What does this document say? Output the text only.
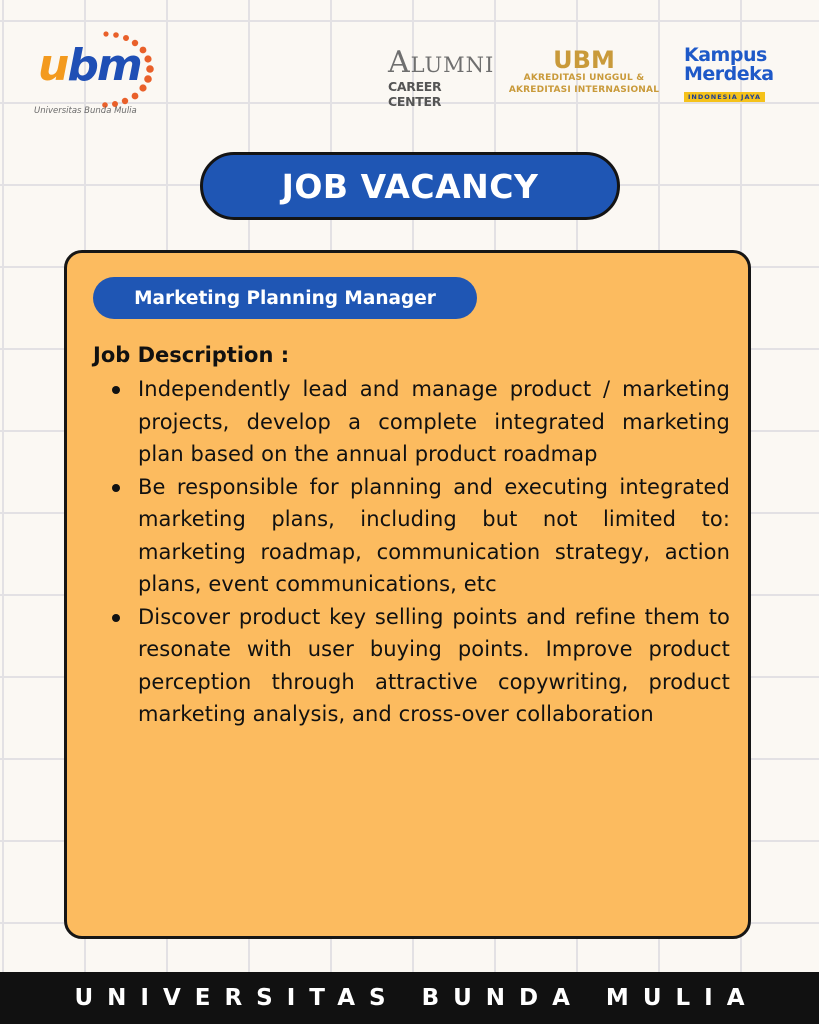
ubm
Universitas Bunda Mulia
ALUMNI
CAREER CENTER
UBM
AKREDITASI UNGGUL &
AKREDITASI INTERNASIONAL
Kampus
Merdeka
INDONESIA JAYA
JOB VACANCY
Marketing Planning Manager
Job Description :
Independently lead and manage product / marketing projects, develop a complete integrated marketing plan based on the annual product roadmap
Be responsible for planning and executing integrated marketing plans, including but not limited to: marketing roadmap, communication strategy, action plans, event communications, etc
Discover product key selling points and refine them to resonate with user buying points. Improve product perception through attractive copywriting, product marketing analysis, and cross-over collaboration
UNIVERSITAS BUNDA MULIA
